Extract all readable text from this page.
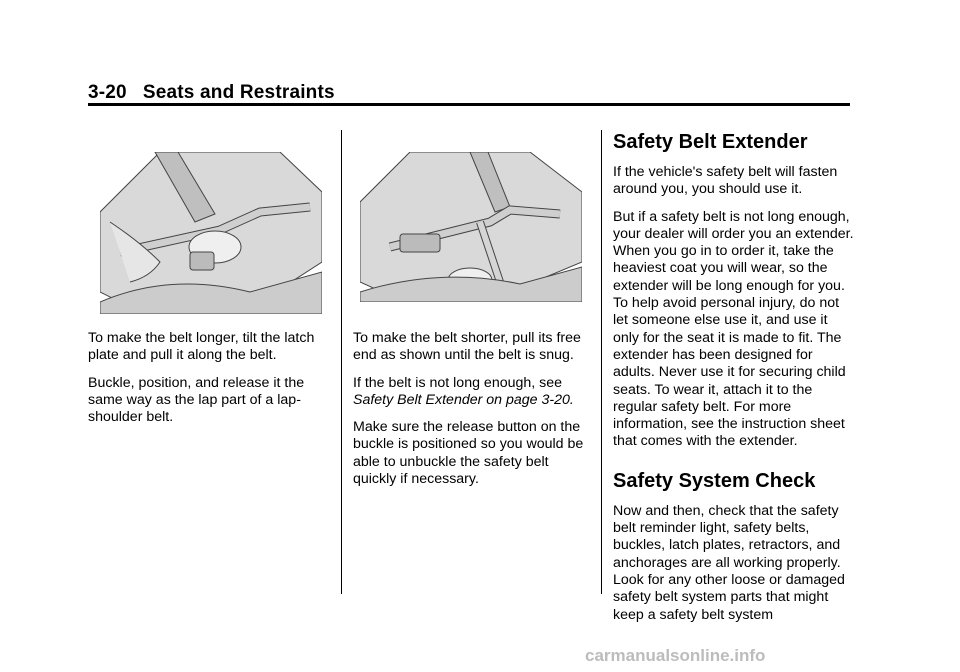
3-20 Seats and Restraints

To make the belt longer, tilt the latch plate and pull it along the belt.

Buckle, position, and release it the same way as the lap part of a lap-shoulder belt.

To make the belt shorter, pull its free end as shown until the belt is snug.

If the belt is not long enough, see

Safety Belt Extender on page 3-20.

Make sure the release button on the buckle is positioned so you would be able to unbuckle the safety belt quickly if necessary.

Safety Belt Extender

If the vehicle's safety belt will fasten around you, you should use it.

But if a safety belt is not long enough, your dealer will order you an extender. When you go in to order it, take the heaviest coat you will wear, so the extender will be long enough for you. To help avoid personal injury, do not let someone else use it, and use it only for the seat it is made to fit. The extender has been designed for adults. Never use it for securing child seats. To wear it, attach it to the regular safety belt. For more information, see the instruction sheet that comes with the extender.

Safety System Check

Now and then, check that the safety belt reminder light, safety belts, buckles, latch plates, retractors, and anchorages are all working properly. Look for any other loose or damaged safety belt system parts that might keep a safety belt system

carmanualsonline.info
